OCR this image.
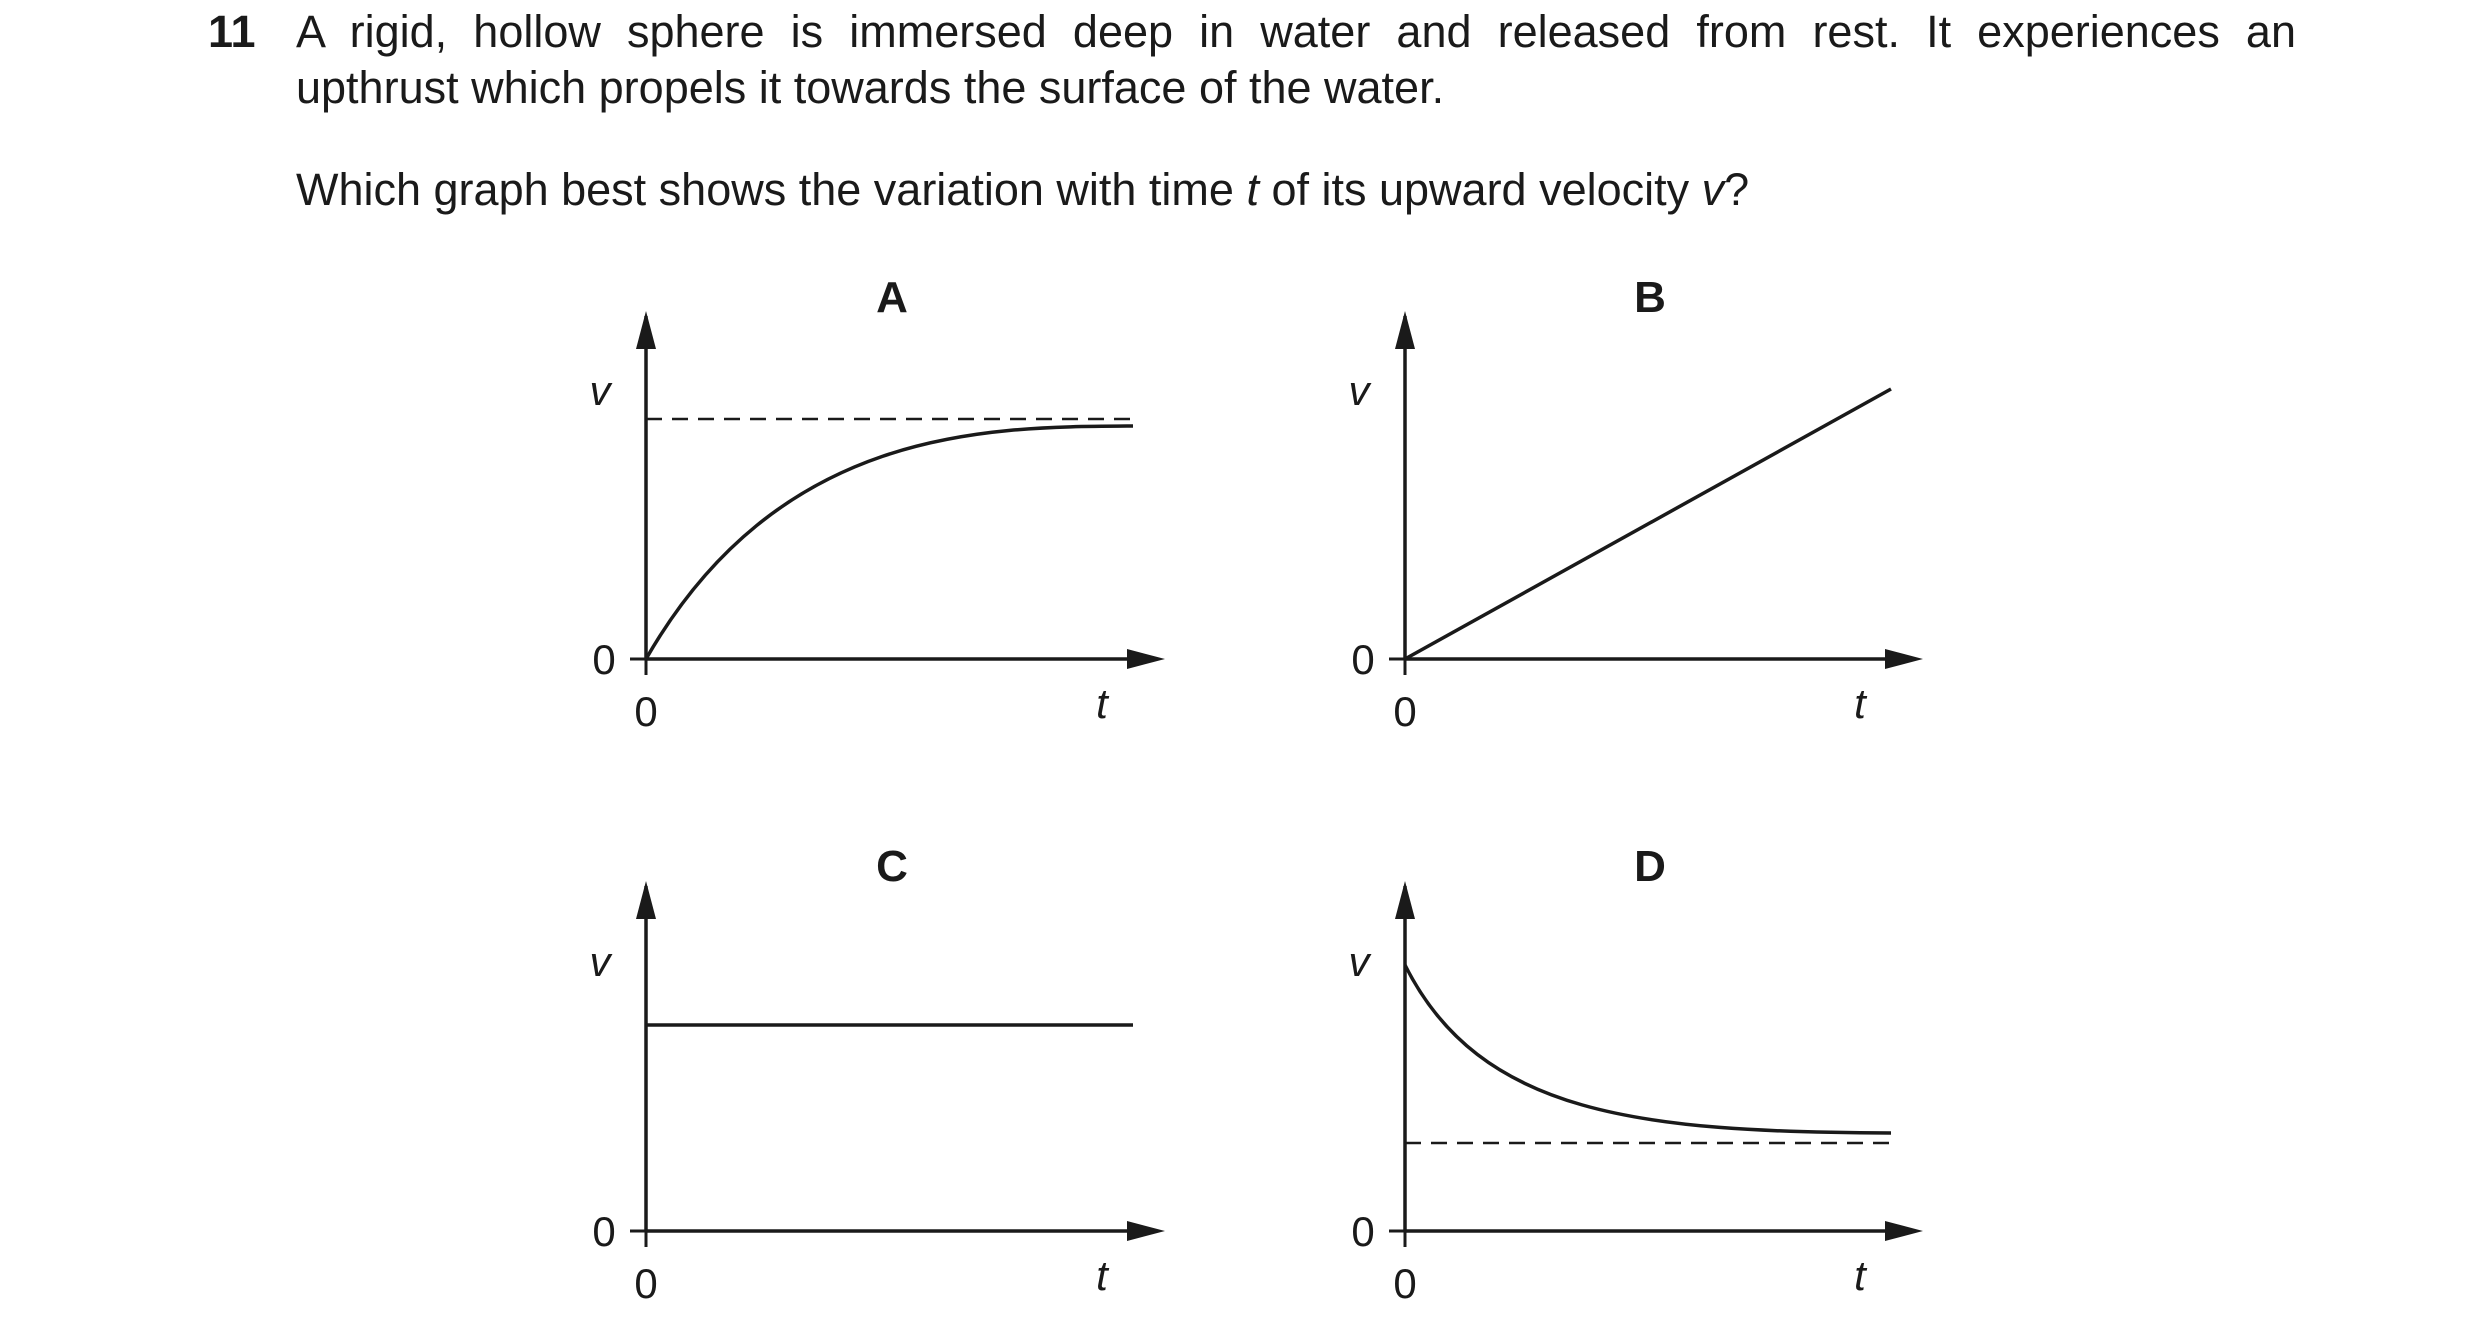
11 A rigid, hollow sphere is immersed deep in water and released from rest. It experiences an
upthrust which propels it towards the surface of the water.
Which graph best shows the variation with time t of its upward velocity v?
A
v
0
0	t
B
v
0
0	t
C
v
0
0	t
D
v
0
0	t
